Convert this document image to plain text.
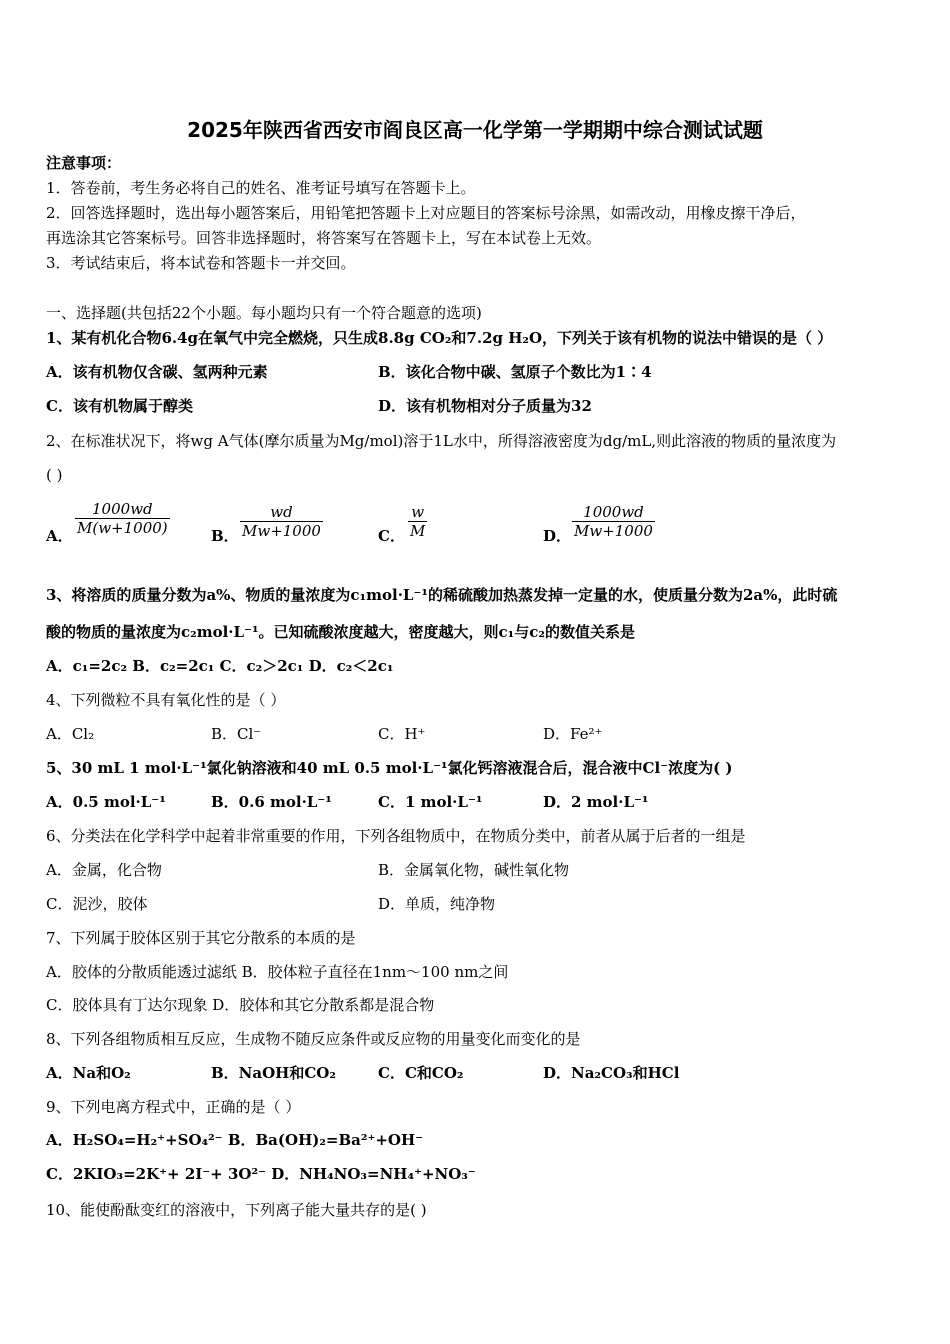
2025年陕西省西安市阎良区高一化学第一学期期中综合测试试题
注意事项：
1．答卷前，考生务必将自己的姓名、准考证号填写在答题卡上。
2．回答选择题时，选出每小题答案后，用铅笔把答题卡上对应题目的答案标号涂黑，如需改动，用橡皮擦干净后，
再选涂其它答案标号。回答非选择题时，将答案写在答题卡上，写在本试卷上无效。
3．考试结束后，将本试卷和答题卡一并交回。
一、选择题(共包括22个小题。每小题均只有一个符合题意的选项)
1、某有机化合物6.4g在氧气中完全燃烧，只生成8.8g CO₂和7.2g H₂O，下列关于该有机物的说法中错误的是（ ）
A．该有机物仅含碳、氢两种元素	B．该化合物中碳、氢原子个数比为1∶4
C．该有机物属于醇类	D．该有机物相对分子质量为32
2、在标准状况下，将wg A气体(摩尔质量为Mg/mol)溶于1L水中，所得溶液密度为dg/mL,则此溶液的物质的量浓度为
( )
A． $\frac{1000wd}{M(w+1000)}$	B． $\frac{wd}{Mw+1000}$	C． $\frac{w}{M}$	D． $\frac{1000wd}{Mw+1000}$
3、将溶质的质量分数为a%、物质的量浓度为c₁mol·L⁻¹的稀硫酸加热蒸发掉一定量的水，使质量分数为2a%，此时硫
酸的物质的量浓度为c₂mol·L⁻¹。已知硫酸浓度越大，密度越大，则c₁与c₂的数值关系是
A．c₁=2c₂ B．c₂=2c₁ C．c₂＞2c₁ D．c₂＜2c₁
4、下列微粒不具有氧化性的是（ ）
A．Cl₂	B．Cl⁻	C．H⁺	D．Fe²⁺
5、30 mL 1 mol·L⁻¹氯化钠溶液和40 mL 0.5 mol·L⁻¹氯化钙溶液混合后，混合液中Cl⁻浓度为( )
A．0.5 mol·L⁻¹	B．0.6 mol·L⁻¹	C．1 mol·L⁻¹	D．2 mol·L⁻¹
6、分类法在化学科学中起着非常重要的作用，下列各组物质中，在物质分类中，前者从属于后者的一组是
A．金属，化合物	B．金属氧化物，碱性氧化物
C．泥沙，胶体	D．单质，纯净物
7、下列属于胶体区别于其它分散系的本质的是
A．胶体的分散质能透过滤纸 B．胶体粒子直径在1nm～100 nm之间
C．胶体具有丁达尔现象 D．胶体和其它分散系都是混合物
8、下列各组物质相互反应，生成物不随反应条件或反应物的用量变化而变化的是
A．Na和O₂	B．NaOH和CO₂	C．C和CO₂	D．Na₂CO₃和HCl
9、下列电离方程式中，正确的是（ ）
A．H₂SO₄=H₂⁺+SO₄²⁻ B．Ba(OH)₂=Ba²⁺+OH⁻
C．2KIO₃=2K⁺+ 2I⁻+ 3O²⁻ D．NH₄NO₃=NH₄⁺+NO₃⁻
10、能使酚酞变红的溶液中，下列离子能大量共存的是( )
